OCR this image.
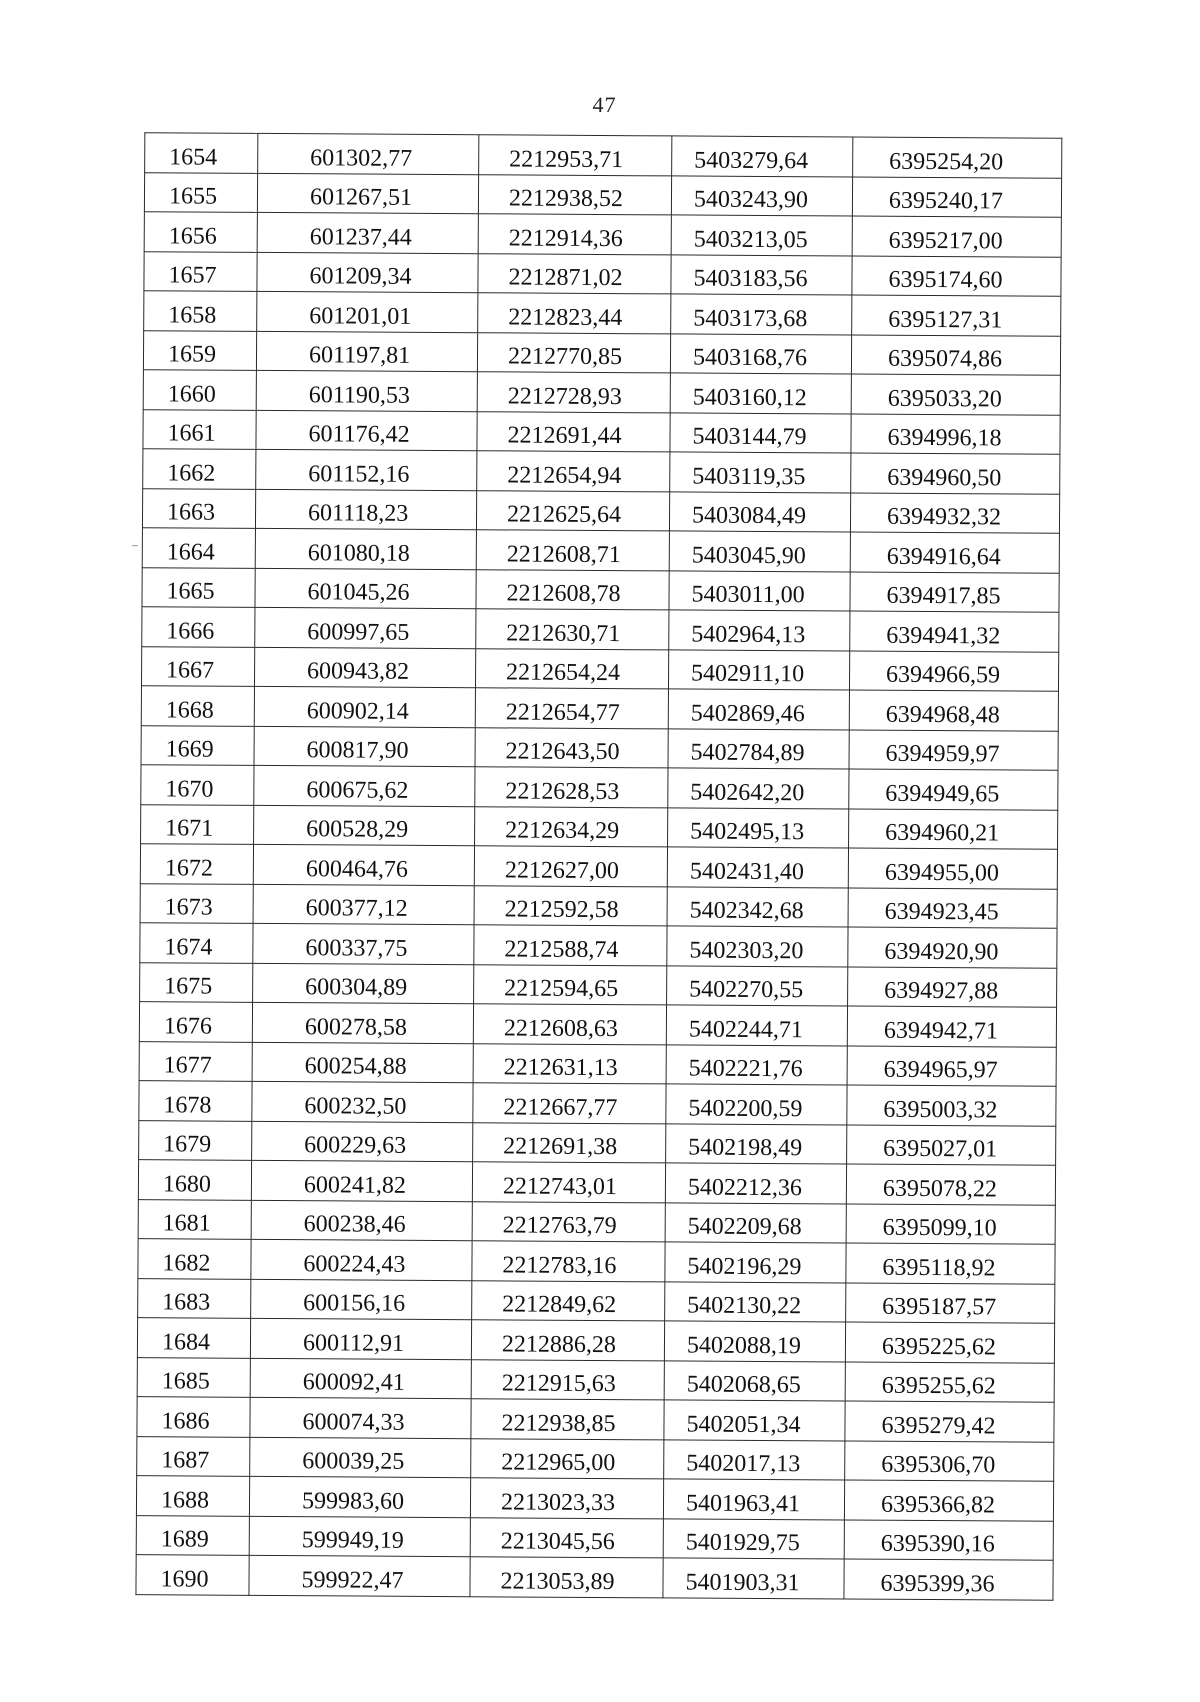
47
1654	601302,77	2212953,71	5403279,64	6395254,20

1655	601267,51	2212938,52	5403243,90	6395240,17

1656	601237,44	2212914,36	5403213,05	6395217,00

1657	601209,34	2212871,02	5403183,56	6395174,60

1658	601201,01	2212823,44	5403173,68	6395127,31

1659	601197,81	2212770,85	5403168,76	6395074,86

1660	601190,53	2212728,93	5403160,12	6395033,20

1661	601176,42	2212691,44	5403144,79	6394996,18

1662	601152,16	2212654,94	5403119,35	6394960,50

1663	601118,23	2212625,64	5403084,49	6394932,32

1664	601080,18	2212608,71	5403045,90	6394916,64

1665	601045,26	2212608,78	5403011,00	6394917,85

1666	600997,65	2212630,71	5402964,13	6394941,32

1667	600943,82	2212654,24	5402911,10	6394966,59

1668	600902,14	2212654,77	5402869,46	6394968,48

1669	600817,90	2212643,50	5402784,89	6394959,97

1670	600675,62	2212628,53	5402642,20	6394949,65

1671	600528,29	2212634,29	5402495,13	6394960,21

1672	600464,76	2212627,00	5402431,40	6394955,00

1673	600377,12	2212592,58	5402342,68	6394923,45

1674	600337,75	2212588,74	5402303,20	6394920,90

1675	600304,89	2212594,65	5402270,55	6394927,88

1676	600278,58	2212608,63	5402244,71	6394942,71

1677	600254,88	2212631,13	5402221,76	6394965,97

1678	600232,50	2212667,77	5402200,59	6395003,32

1679	600229,63	2212691,38	5402198,49	6395027,01

1680	600241,82	2212743,01	5402212,36	6395078,22

1681	600238,46	2212763,79	5402209,68	6395099,10

1682	600224,43	2212783,16	5402196,29	6395118,92

1683	600156,16	2212849,62	5402130,22	6395187,57

1684	600112,91	2212886,28	5402088,19	6395225,62

1685	600092,41	2212915,63	5402068,65	6395255,62

1686	600074,33	2212938,85	5402051,34	6395279,42

1687	600039,25	2212965,00	5402017,13	6395306,70

1688	599983,60	2213023,33	5401963,41	6395366,82

1689	599949,19	2213045,56	5401929,75	6395390,16

1690	599922,47	2213053,89	5401903,31	6395399,36
